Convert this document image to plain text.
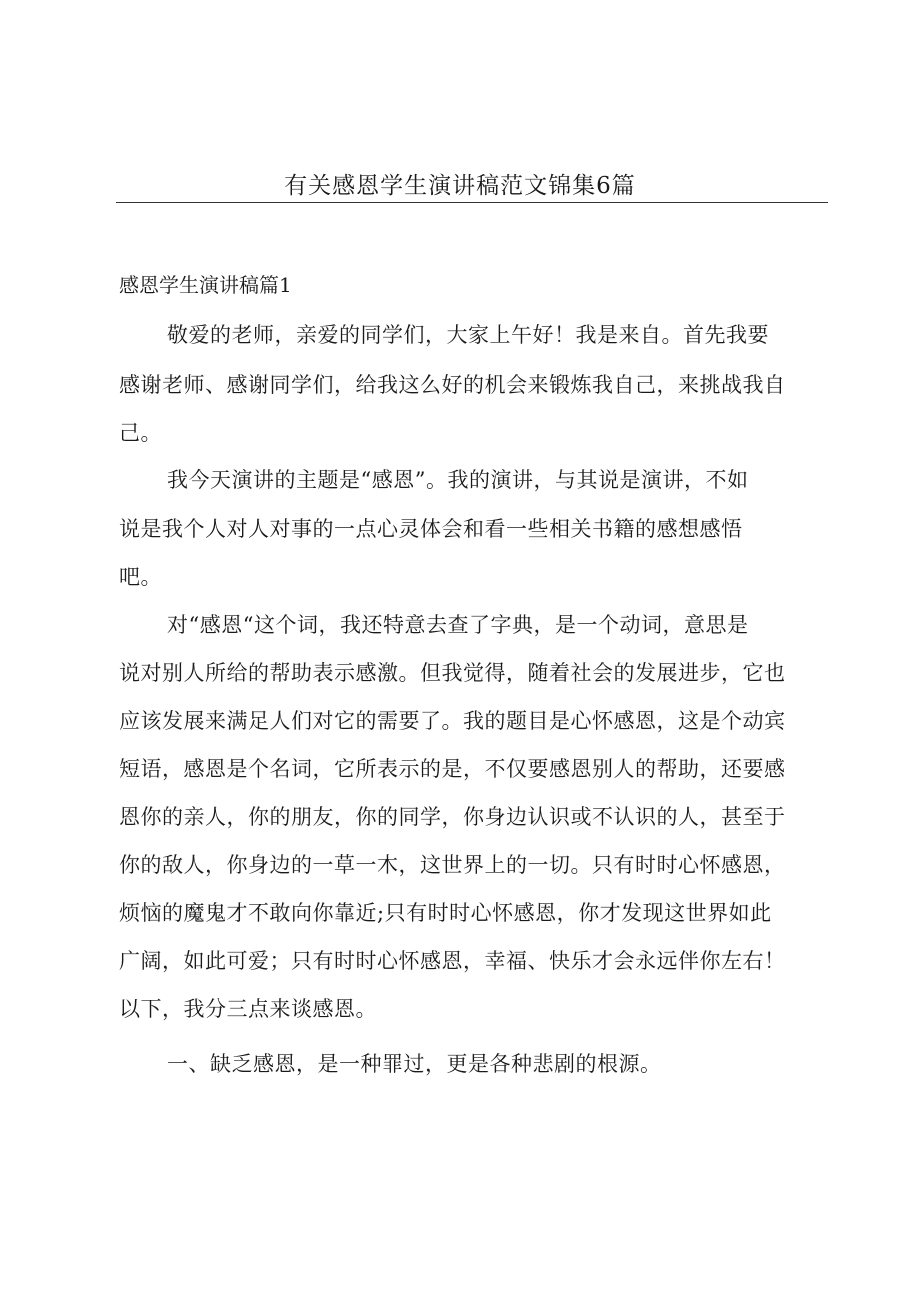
有关感恩学生演讲稿范文锦集6篇
感恩学生演讲稿篇1

敬爱的老师，亲爱的同学们，大家上午好！我是来自。首先我要

感谢老师、感谢同学们，给我这么好的机会来锻炼我自己，来挑战我自

己。

我今天演讲的主题是“感恩”。我的演讲，与其说是演讲，不如

说是我个人对人对事的一点心灵体会和看一些相关书籍的感想感悟

吧。

对“感恩“这个词，我还特意去查了字典，是一个动词，意思是

说对别人所给的帮助表示感激。但我觉得，随着社会的发展进步，它也

应该发展来满足人们对它的需要了。我的题目是心怀感恩，这是个动宾

短语，感恩是个名词，它所表示的是，不仅要感恩别人的帮助，还要感

恩你的亲人，你的朋友，你的同学，你身边认识或不认识的人，甚至于

你的敌人，你身边的一草一木，这世界上的一切。只有时时心怀感恩，

烦恼的魔鬼才不敢向你靠近;只有时时心怀感恩，你才发现这世界如此

广阔，如此可爱；只有时时心怀感恩，幸福、快乐才会永远伴你左右！

以下，我分三点来谈感恩。

一、缺乏感恩，是一种罪过，更是各种悲剧的根源。
